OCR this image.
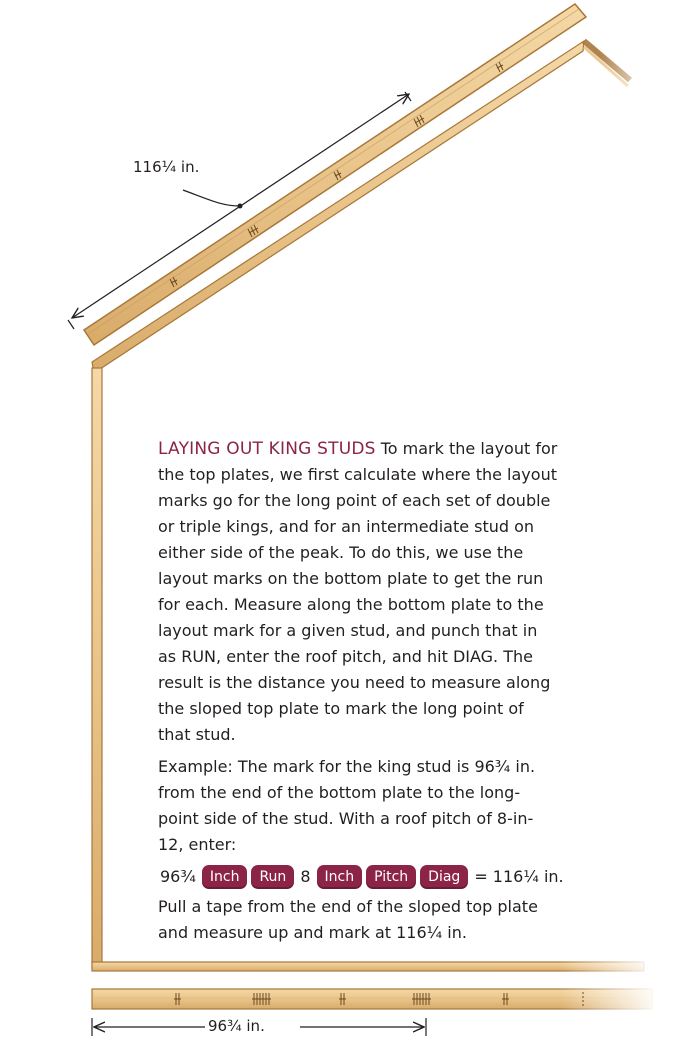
116¼ in.
96¾ in.

LAYING OUT KING STUDS To mark the layout for the top plates, we first calculate where the layout marks go for the long point of each set of double or triple kings, and for an intermediate stud on either side of the peak. To do this, we use the layout marks on the bottom plate to get the run for each. Measure along the bottom plate to the layout mark for a given stud, and punch that in as RUN, enter the roof pitch, and hit DIAG. The result is the distance you need to measure along the sloped top plate to mark the long point of that stud.

Example: The mark for the king stud is 96¾ in. from the end of the bottom plate to the long-point side of the stud. With a roof pitch of 8-in-12, enter:

96¾	Inch	Run 8	Inch	Pitch	Diag = 116¼ in.

Pull a tape from the end of the sloped top plate and measure up and mark at 116¼ in.
